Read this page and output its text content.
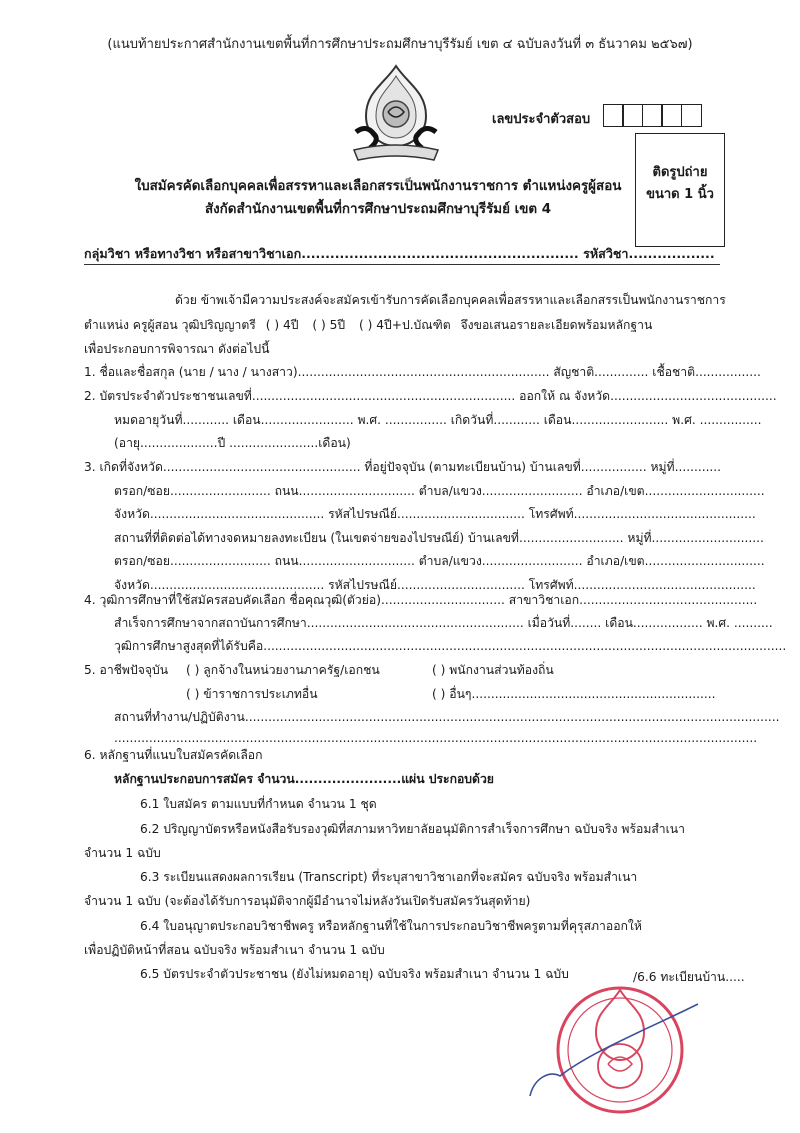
(แนบท้ายประกาศสำนักงานเขตพื้นที่การศึกษาประถมศึกษาบุรีรัมย์ เขต ๔ ฉบับลงวันที่ ๓ ธันวาคม ๒๕๖๗)
เลขประจำตัวสอบ
ติดรูปถ่าย
ขนาด 1 นิ้ว
ใบสมัครคัดเลือกบุคคลเพื่อสรรหาและเลือกสรรเป็นพนักงานราชการ ตำแหน่งครูผู้สอน
สังกัดสำนักงานเขตพื้นที่การศึกษาประถมศึกษาบุรีรัมย์ เขต 4
กลุ่มวิชา หรือทางวิชา หรือสาขาวิชาเอก.......................................................... รหัสวิชา..................
ด้วย ข้าพเจ้ามีความประสงค์จะสมัครเข้ารับการคัดเลือกบุคคลเพื่อสรรหาและเลือกสรรเป็นพนักงานราชการ
ตำแหน่ง ครูผู้สอน วุฒิปริญญาตรี ( ) 4ปี ( ) 5ปี ( ) 4ปี+ป.บัณฑิต จึงขอเสนอรายละเอียดพร้อมหลักฐาน
เพื่อประกอบการพิจารณา ดังต่อไปนี้
1. ชื่อและชื่อสกุล (นาย / นาง / นางสาว)................................................................. สัญชาติ.............. เชื้อชาติ.................
2. บัตรประจำตัวประชาชนเลขที่.................................................................... ออกให้ ณ จังหวัด...........................................
หมดอายุวันที่............ เดือน........................ พ.ศ. ................ เกิดวันที่............ เดือน......................... พ.ศ. ................
(อายุ....................ปี .......................เดือน)
3. เกิดที่จังหวัด................................................... ที่อยู่ปัจจุบัน (ตามทะเบียนบ้าน) บ้านเลขที่................. หมู่ที่............
ตรอก/ซอย.......................... ถนน.............................. ตำบล/แขวง.......................... อำเภอ/เขต...............................
จังหวัด............................................. รหัสไปรษณีย์................................. โทรศัพท์...............................................
สถานที่ที่ติดต่อได้ทางจดหมายลงทะเบียน (ในเขตจ่ายของไปรษณีย์) บ้านเลขที่........................... หมู่ที่.............................
ตรอก/ซอย.......................... ถนน.............................. ตำบล/แขวง.......................... อำเภอ/เขต...............................
จังหวัด............................................. รหัสไปรษณีย์................................. โทรศัพท์...............................................
4. วุฒิการศึกษาที่ใช้สมัครสอบคัดเลือก ชื่อคุณวุฒิ(ตัวย่อ)................................ สาขาวิชาเอก..............................................
สำเร็จการศึกษาจากสถาบันการศึกษา........................................................ เมื่อวันที่........ เดือน.................. พ.ศ. ..........
วุฒิการศึกษาสูงสุดที่ได้รับคือ.......................................................................................................................................
5. อาชีพปัจจุบัน ( ) ลูกจ้างในหน่วยงานภาครัฐ/เอกชน	( ) พนักงานส่วนท้องถิ่น
( ) ข้าราชการประเภทอื่น	( ) อื่นๆ...............................................................
สถานที่ทำงาน/ปฏิบัติงาน..........................................................................................................................................
......................................................................................................................................................................
6. หลักฐานที่แนบใบสมัครคัดเลือก
หลักฐานประกอบการสมัคร จำนวน.......................แผ่น ประกอบด้วย
6.1 ใบสมัคร ตามแบบที่กำหนด จำนวน 1 ชุด
6.2 ปริญญาบัตรหรือหนังสือรับรองวุฒิที่สภามหาวิทยาลัยอนุมัติการสำเร็จการศึกษา ฉบับจริง พร้อมสำเนา
จำนวน 1 ฉบับ
6.3 ระเบียนแสดงผลการเรียน (Transcript) ที่ระบุสาขาวิชาเอกที่จะสมัคร ฉบับจริง พร้อมสำเนา
จำนวน 1 ฉบับ (จะต้องได้รับการอนุมัติจากผู้มีอำนาจไม่หลังวันเปิดรับสมัครวันสุดท้าย)
6.4 ใบอนุญาตประกอบวิชาชีพครู หรือหลักฐานที่ใช้ในการประกอบวิชาชีพครูตามที่คุรุสภาออกให้
เพื่อปฏิบัติหน้าที่สอน ฉบับจริง พร้อมสำเนา จำนวน 1 ฉบับ
6.5 บัตรประจำตัวประชาชน (ยังไม่หมดอายุ) ฉบับจริง พร้อมสำเนา จำนวน 1 ฉบับ	/6.6 ทะเบียนบ้าน.....
